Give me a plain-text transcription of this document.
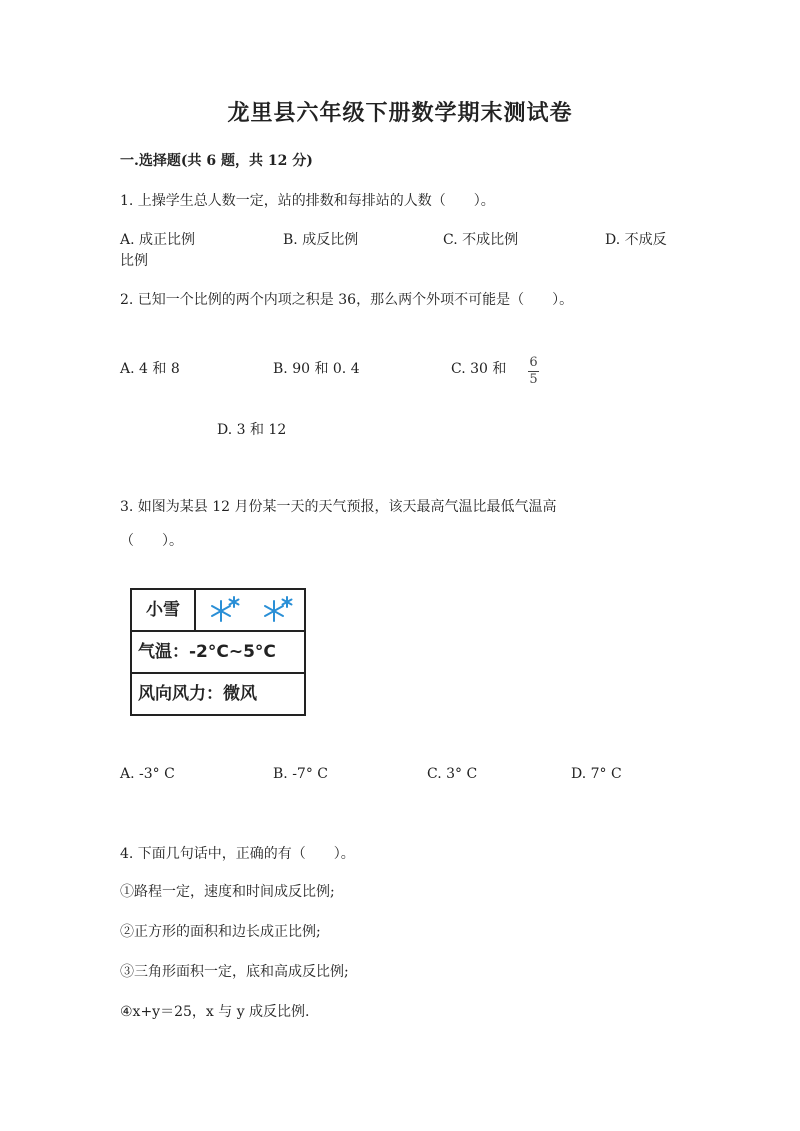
龙里县六年级下册数学期末测试卷
一.选择题(共 6 题，共 12 分)
1. 上操学生总人数一定，站的排数和每排站的人数（　　）。
A. 成正比例	B. 成反比例	C. 不成比例	D. 不成反
比例
2. 已知一个比例的两个内项之积是 36，那么两个外项不可能是（　　）。
A. 4 和 8	B. 90 和 0. 4	C. 30 和 $\frac{6}{5}$
D. 3 和 12
3. 如图为某县 12 月份某一天的天气预报，该天最高气温比最低气温高
（　　）。
小雪
气温：-2°C~5°C
风向风力：微风
A. -3° C	B. -7° C	C. 3° C	D. 7° C
4. 下面几句话中，正确的有（　　）。
①路程一定，速度和时间成反比例;
②正方形的面积和边长成正比例;
③三角形面积一定，底和高成反比例;
④x+y＝25，x 与 y 成反比例.
